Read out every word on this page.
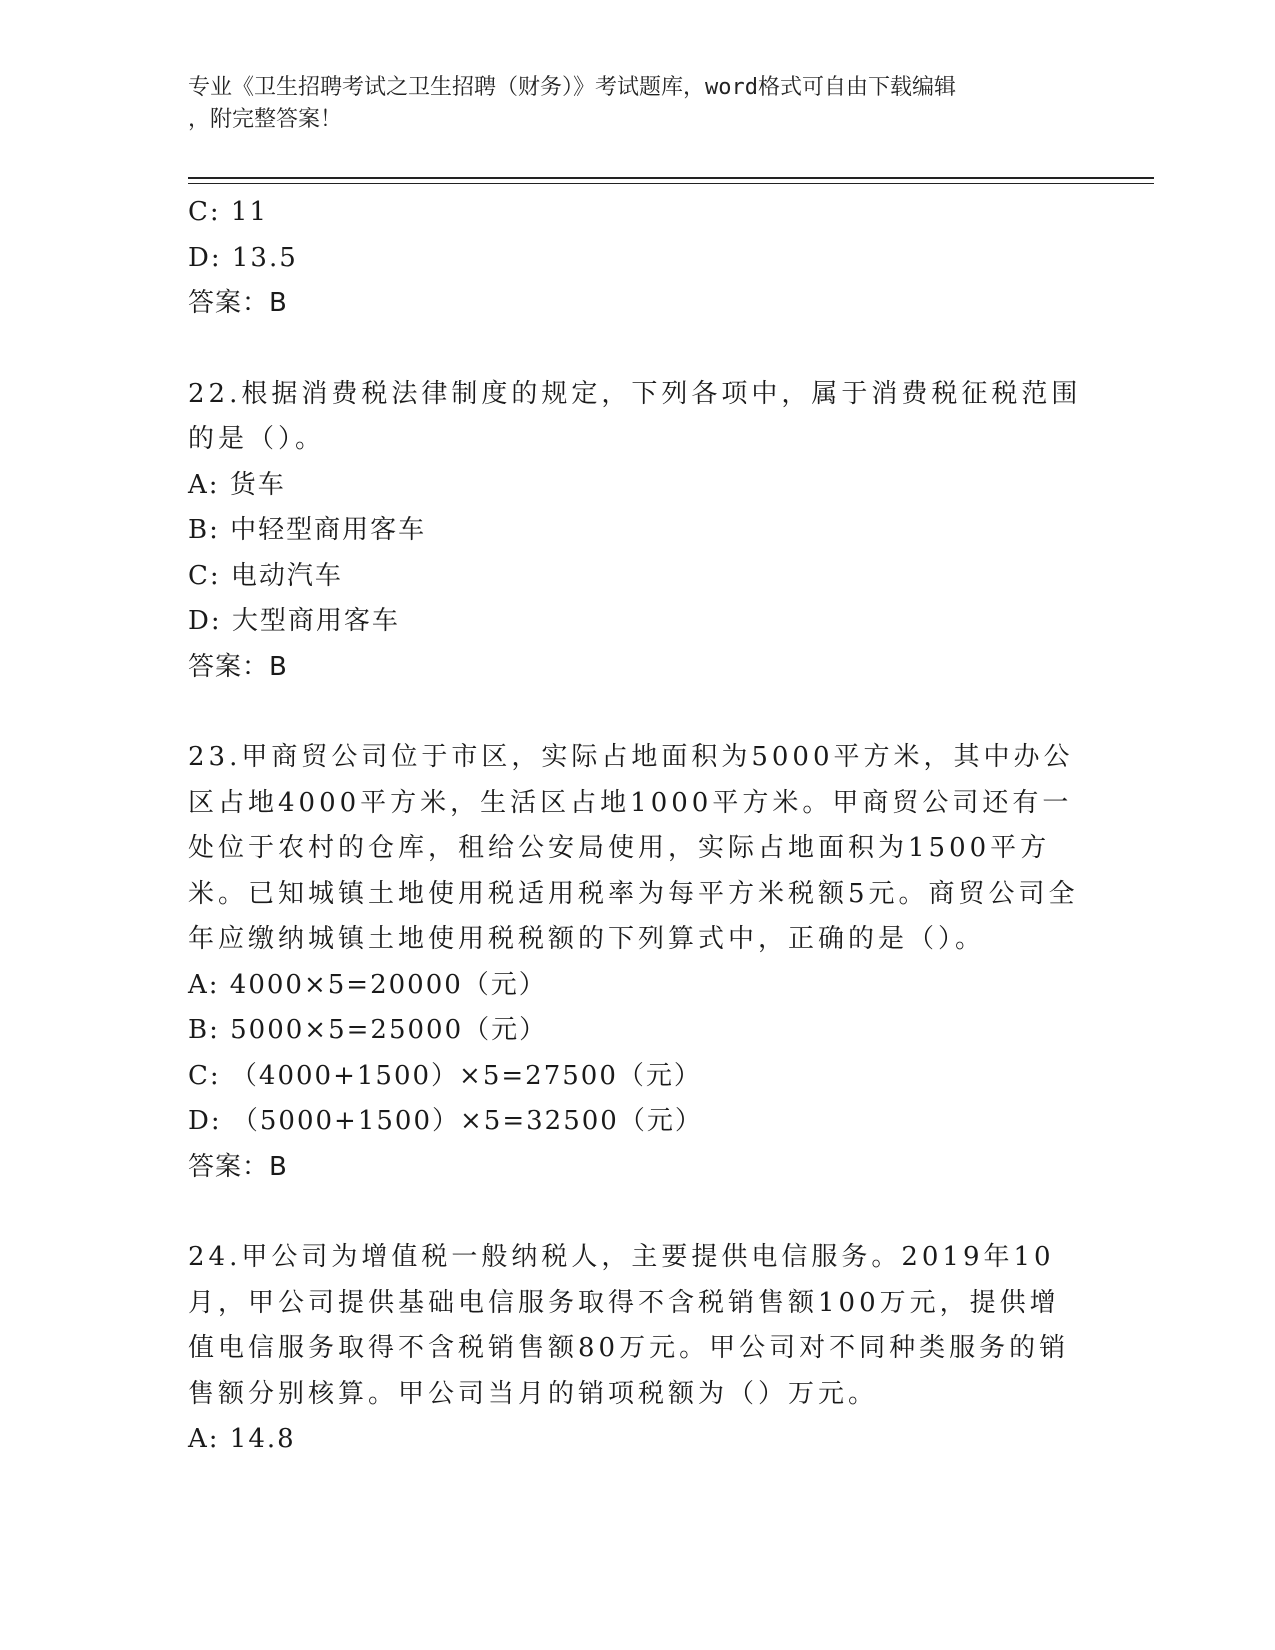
专业《卫生招聘考试之卫生招聘（财务）》考试题库，word格式可自由下载编辑
，附完整答案！
C: 11
D: 13.5
答案：B
22.根据消费税法律制度的规定，下列各项中，属于消费税征税范围的是（）。
A: 货车
B: 中轻型商用客车
C: 电动汽车
D: 大型商用客车
答案：B
23.甲商贸公司位于市区，实际占地面积为5000平方米，其中办公区占地4000平方米，生活区占地1000平方米。甲商贸公司还有一处位于农村的仓库，租给公安局使用，实际占地面积为1500平方米。已知城镇土地使用税适用税率为每平方米税额5元。商贸公司全年应缴纳城镇土地使用税税额的下列算式中，正确的是（）。
A: 4000×5=20000（元）
B: 5000×5=25000（元）
C: （4000+1500）×5=27500（元）
D: （5000+1500）×5=32500（元）
答案：B
24.甲公司为增值税一般纳税人，主要提供电信服务。2019年10月，甲公司提供基础电信服务取得不含税销售额100万元，提供增值电信服务取得不含税销售额80万元。甲公司对不同种类服务的销售额分别核算。甲公司当月的销项税额为（）万元。
A: 14.8
